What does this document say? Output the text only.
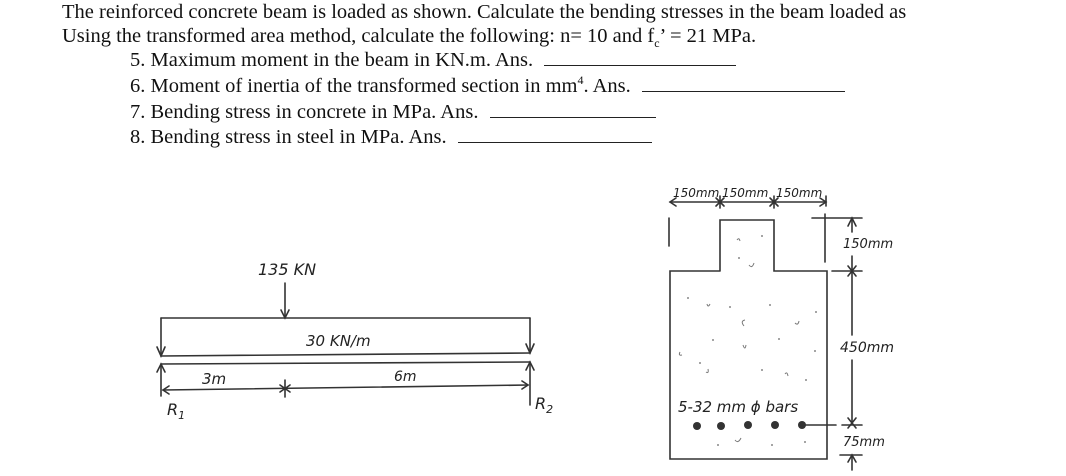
The reinforced concrete beam is loaded as shown. Calculate the bending stresses in the beam loaded as
Using the transformed area method, calculate the following: n= 10 and $f_c$’ = 21 MPa.
5. Maximum moment in the beam in KN.m. Ans.
6. Moment of inertia of the transformed section in $mm^4$. Ans.
7. Bending stress in concrete in MPa. Ans.
8. Bending stress in steel in MPa. Ans.
135 KN
30 KN/m
3m	6m
$R_1$
$R_2$
150mm 150mm 150mm
150mm
450mm
75mm
5-32 mm ϕ bars
